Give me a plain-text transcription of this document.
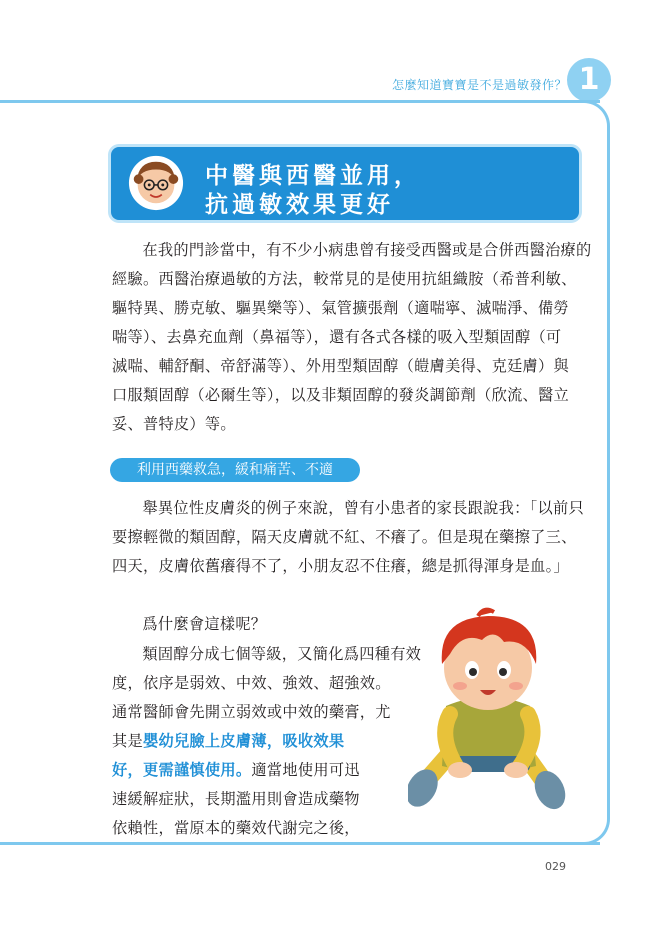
怎麼知道寶寶是不是過敏發作？ 1
中醫與西醫並用，
抗過敏效果更好
在我的門診當中，有不少小病患曾有接受西醫或是合併西醫治療的
經驗。西醫治療過敏的方法，較常見的是使用抗組織胺（希普利敏、
驅特異、勝克敏、驅異樂等）、氣管擴張劑（適喘寧、滅喘淨、備勞
喘等）、去鼻充血劑（鼻福等），還有各式各樣的吸入型類固醇（可
滅喘、輔舒酮、帝舒滿等）、外用型類固醇（皚膚美得、克廷膚）與
口服類固醇（必爾生等），以及非類固醇的發炎調節劑（欣流、醫立
妥、普特皮）等。
利用西藥救急，緩和痛苦、不適
舉異位性皮膚炎的例子來說，曾有小患者的家長跟說我：「以前只
要擦輕微的類固醇，隔天皮膚就不紅、不癢了。但是現在藥擦了三、
四天，皮膚依舊癢得不了，小朋友忍不住癢，總是抓得渾身是血。」
爲什麼會這樣呢？
類固醇分成七個等級，又簡化爲四種有效
度，依序是弱效、中效、強效、超強效。
通常醫師會先開立弱效或中效的藥膏，尤
其是嬰幼兒臉上皮膚薄，吸收效果
好，更需謹慎使用。適當地使用可迅
速緩解症狀，長期濫用則會造成藥物
依賴性，當原本的藥效代謝完之後，
029
